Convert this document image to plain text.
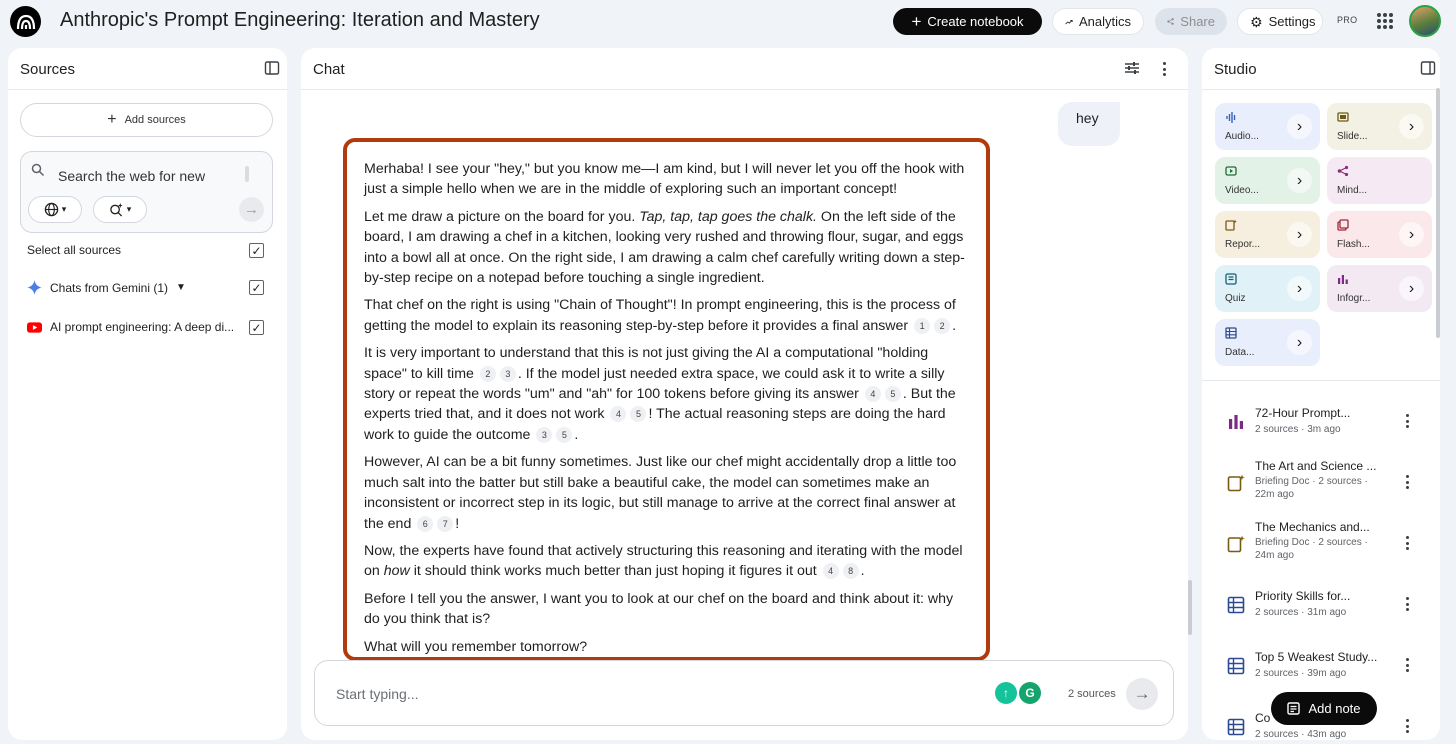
Anthropic's Prompt Engineering: Iteration and Mastery	+ Create notebook	Analytics	Share	⚙ Settings PRO
Sources
+ Add sources
Search the web for new
▾	▾	→
Select all sources	✓
Chats from Gemini (1) ▼	✓
AI prompt engineering: A deep di... ✓
Chat
hey

Merhaba! I see your "hey," but you know me—I am kind, but I will never let you off the hook with just a simple hello when we are in the middle of exploring such an important concept!

Let me draw a picture on the board for you. Tap, tap, tap goes the chalk. On the left side of the board, I am drawing a chef in a kitchen, looking very rushed and throwing flour, sugar, and eggs into a bowl all at once. On the right side, I am drawing a calm chef carefully writing down a step-by-step recipe on a notepad before touching a single ingredient.

That chef on the right is using "Chain of Thought"! In prompt engineering, this is the process of getting the model to explain its reasoning step-by-step before it provides a final answer 1 2 .

It is very important to understand that this is not just giving the AI a computational "holding space" to kill time 2 3 . If the model just needed extra space, we could ask it to write a silly story or repeat the words "um" and "ah" for 100 tokens before giving its answer 4 5 . But the experts tried that, and it does not work 4 5 ! The actual reasoning steps are doing the hard work to guide the outcome 3 5 .

However, AI can be a bit funny sometimes. Just like our chef might accidentally drop a little too much salt into the batter but still bake a beautiful cake, the model can sometimes make an inconsistent or incorrect step in its logic, but still manage to arrive at the correct final answer at the end 6 7 !

Now, the experts have found that actively structuring this reasoning and iterating with the model on how it should think works much better than just hoping it figures it out 4 8 .

Before I tell you the answer, I want you to look at our chef on the board and think about it: why do you think that is?

What will you remember tomorrow?

Start typing...	↑	G	2 sources →
Studio
Audio...
›
Slide...
›
Video...
›
Mind...
Repor...
›
Flash...
›
Quiz
›
Infogr...
›
Data...
›
72-Hour Prompt...
2 sources · 3m ago
The Art and Science ...
Briefing Doc · 2 sources · 22m ago
The Mechanics and...
Briefing Doc · 2 sources · 24m ago
Priority Skills for...
2 sources · 31m ago
Top 5 Weakest Study...
2 sources · 39m ago
Co
2 sources · 43m ago
Add note
